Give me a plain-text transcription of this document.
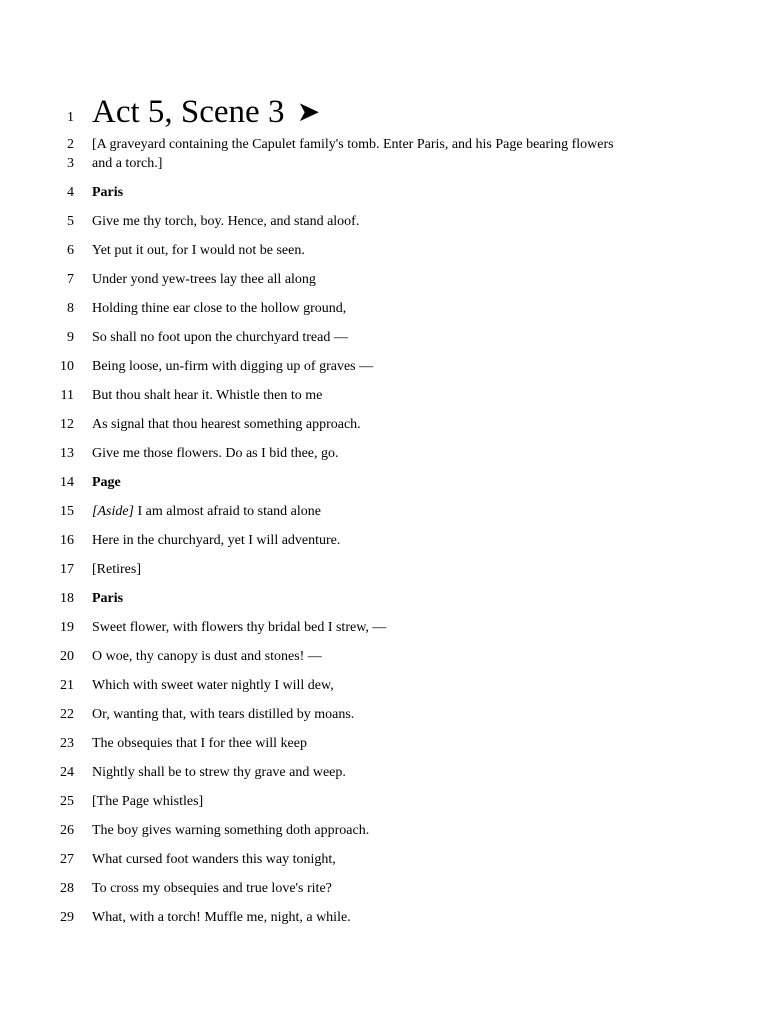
1 Act 5, Scene 3 ➤
2 [A graveyard containing the Capulet family's tomb. Enter Paris, and his Page bearing flowers
3 and a torch.]
4 Paris
5 Give me thy torch, boy. Hence, and stand aloof.
6 Yet put it out, for I would not be seen.
7 Under yond yew-trees lay thee all along
8 Holding thine ear close to the hollow ground,
9 So shall no foot upon the churchyard tread —
10 Being loose, un-firm with digging up of graves —
11 But thou shalt hear it. Whistle then to me
12 As signal that thou hearest something approach.
13 Give me those flowers. Do as I bid thee, go.
14 Page
15 [Aside] I am almost afraid to stand alone
16 Here in the churchyard, yet I will adventure.
17 [Retires]
18 Paris
19 Sweet flower, with flowers thy bridal bed I strew, —
20 O woe, thy canopy is dust and stones! —
21 Which with sweet water nightly I will dew,
22 Or, wanting that, with tears distilled by moans.
23 The obsequies that I for thee will keep
24 Nightly shall be to strew thy grave and weep.
25 [The Page whistles]
26 The boy gives warning something doth approach.
27 What cursed foot wanders this way tonight,
28 To cross my obsequies and true love's rite?
29 What, with a torch! Muffle me, night, a while.
